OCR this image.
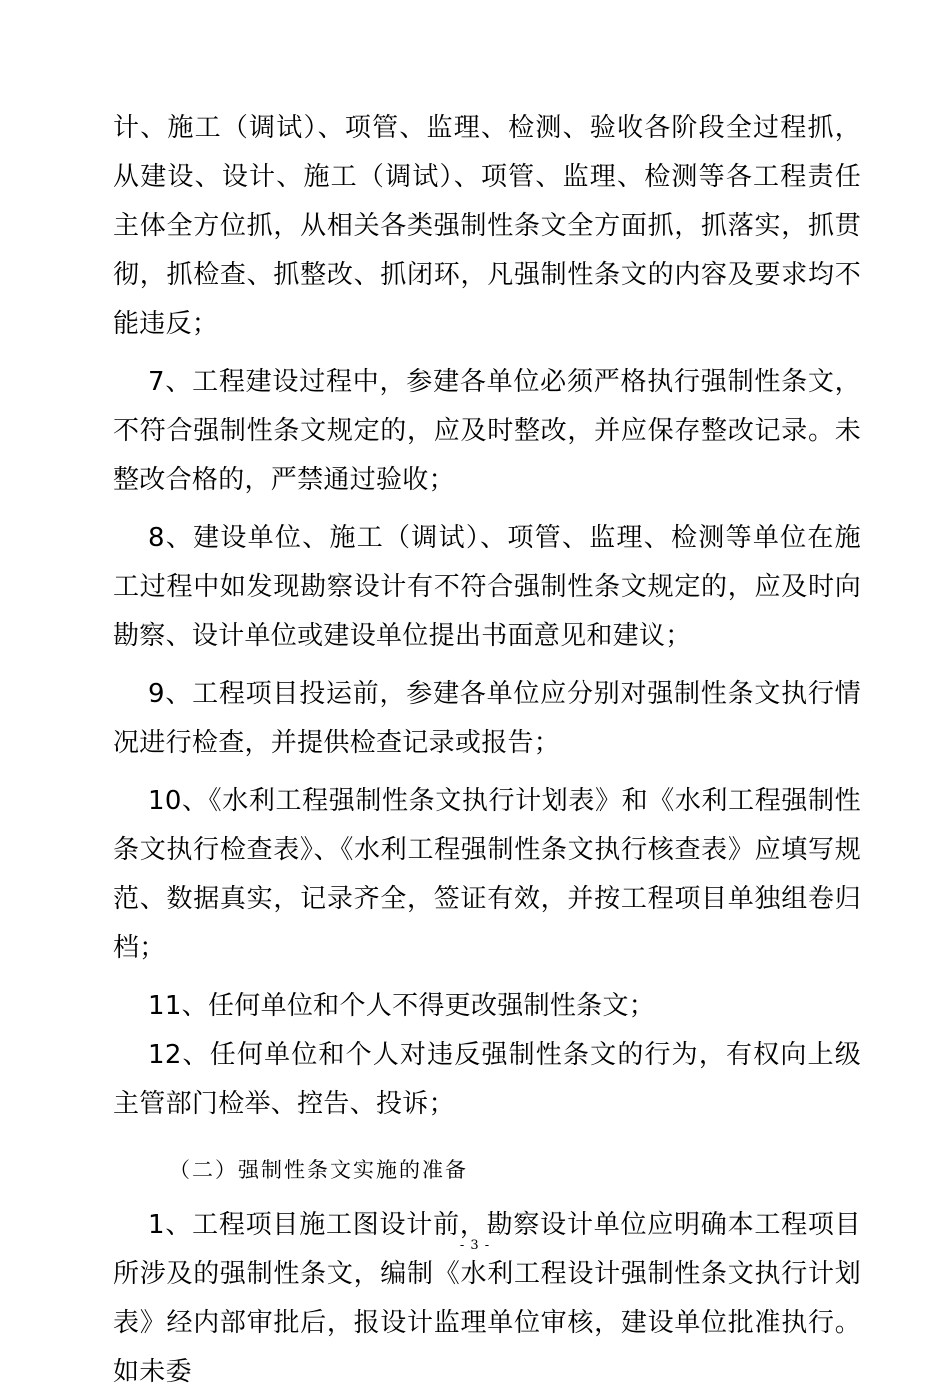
计、施工（调试）、项管、监理、检测、验收各阶段全过程抓，从建设、设计、施工（调试）、项管、监理、检测等各工程责任主体全方位抓，从相关各类强制性条文全方面抓，抓落实，抓贯彻，抓检查、抓整改、抓闭环，凡强制性条文的内容及要求均不能违反；

7、工程建设过程中，参建各单位必须严格执行强制性条文，不符合强制性条文规定的，应及时整改，并应保存整改记录。未整改合格的，严禁通过验收；

8、建设单位、施工（调试）、项管、监理、检测等单位在施工过程中如发现勘察设计有不符合强制性条文规定的，应及时向勘察、设计单位或建设单位提出书面意见和建议；

9、工程项目投运前，参建各单位应分别对强制性条文执行情况进行检查，并提供检查记录或报告；

10、《水利工程强制性条文执行计划表》和《水利工程强制性条文执行检查表》、《水利工程强制性条文执行核查表》应填写规范、数据真实，记录齐全，签证有效，并按工程项目单独组卷归档；

11、任何单位和个人不得更改强制性条文；

12、任何单位和个人对违反强制性条文的行为，有权向上级主管部门检举、控告、投诉；

（二）强制性条文实施的准备

1、工程项目施工图设计前，勘察设计单位应明确本工程项目所涉及的强制性条文，编制《水利工程设计强制性条文执行计划表》经内部审批后，报设计监理单位审核，建设单位批准执行。如未委

- 3 -
